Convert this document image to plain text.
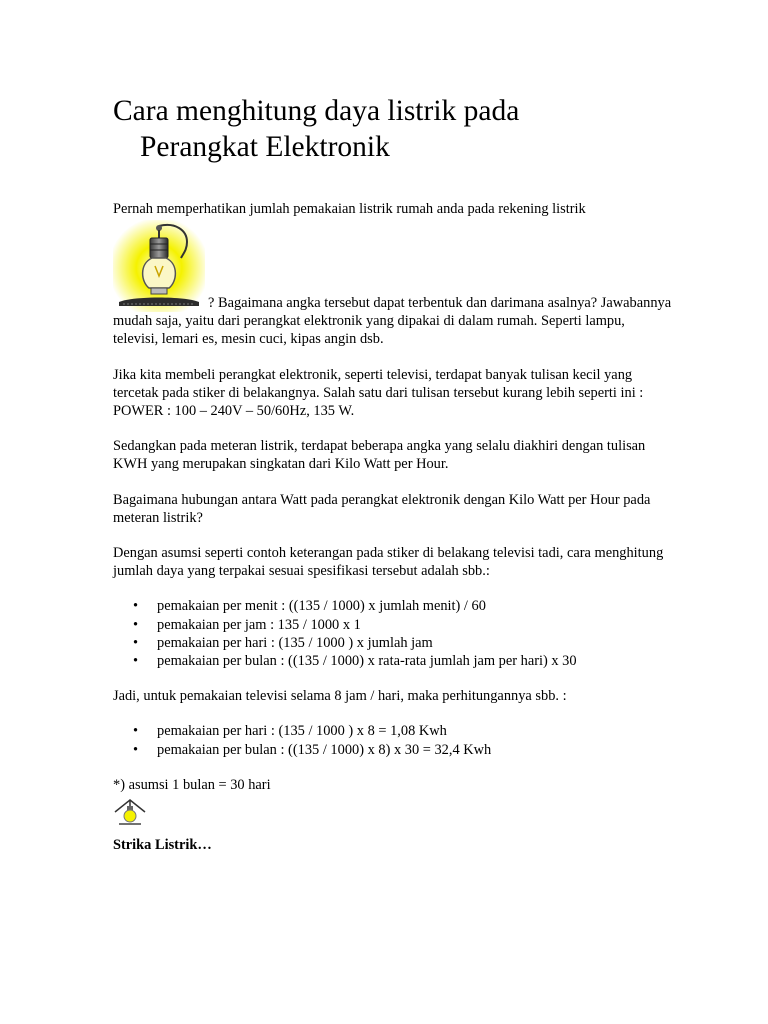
Cara menghitung daya listrik pada
Perangkat Elektronik
Pernah memperhatikan jumlah pemakaian listrik rumah anda pada rekening listrik
? Bagaimana angka tersebut dapat terbentuk dan darimana asalnya? Jawabannya mudah saja, yaitu dari perangkat elektronik yang dipakai di dalam rumah. Seperti lampu, televisi, lemari es, mesin cuci, kipas angin dsb.

Jika kita membeli perangkat elektronik, seperti televisi, terdapat banyak tulisan kecil yang tercetak pada stiker di belakangnya. Salah satu dari tulisan tersebut kurang lebih seperti ini : POWER : 100 – 240V – 50/60Hz, 135 W.

Sedangkan pada meteran listrik, terdapat beberapa angka yang selalu diakhiri dengan tulisan KWH yang merupakan singkatan dari Kilo Watt per Hour.

Bagaimana hubungan antara Watt pada perangkat elektronik dengan Kilo Watt per Hour pada meteran listrik?

Dengan asumsi seperti contoh keterangan pada stiker di belakang televisi tadi, cara menghitung jumlah daya yang terpakai sesuai spesifikasi tersebut adalah sbb.:

• pemakaian per menit : ((135 / 1000) x jumlah menit) / 60
• pemakaian per jam : 135 / 1000 x 1
• pemakaian per hari : (135 / 1000 ) x jumlah jam
• pemakaian per bulan : ((135 / 1000) x rata-rata jumlah jam per hari) x 30

Jadi, untuk pemakaian televisi selama 8 jam / hari, maka perhitungannya sbb. :

• pemakaian per hari : (135 / 1000 ) x 8 = 1,08 Kwh
• pemakaian per bulan : ((135 / 1000) x 8) x 30 = 32,4 Kwh

*) asumsi 1 bulan = 30 hari

Strika Listrik…
